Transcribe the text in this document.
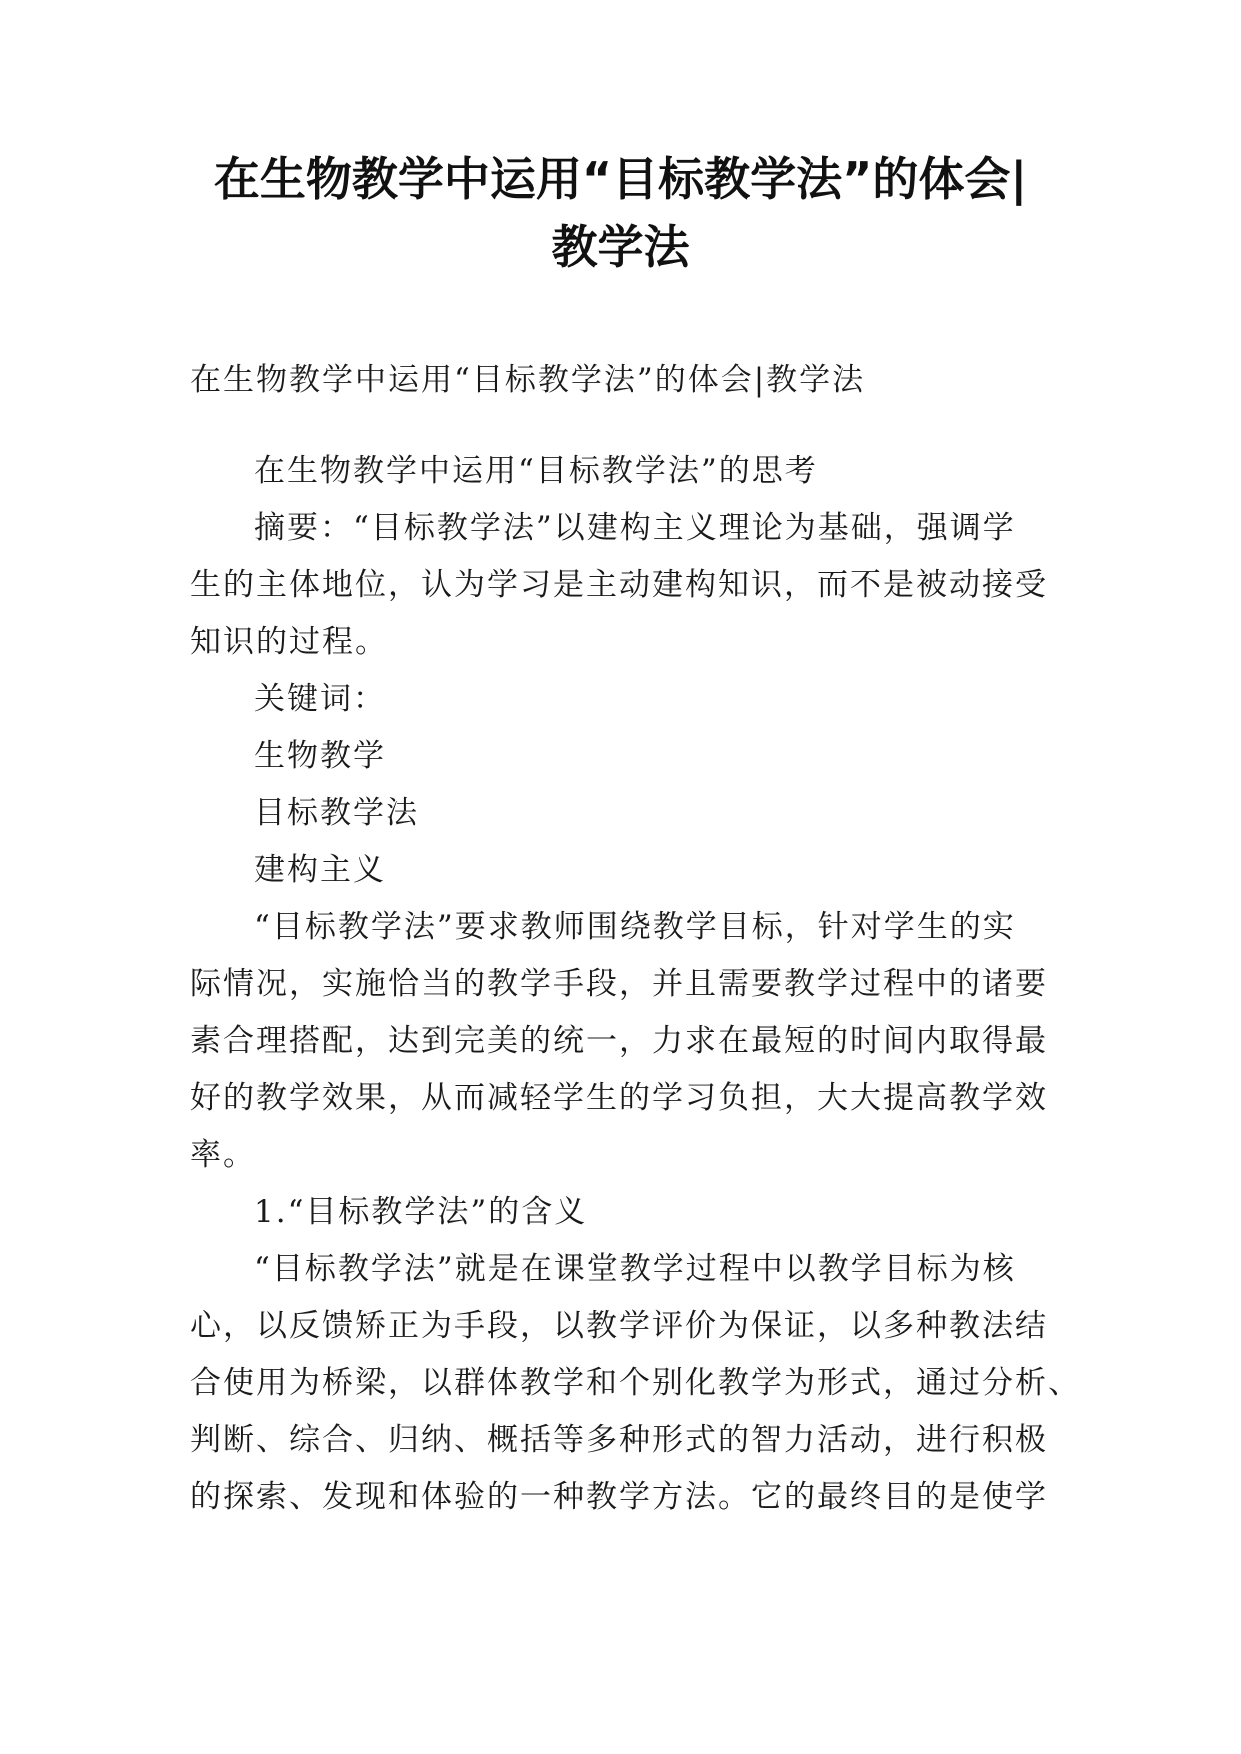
在生物教学中运用“目标教学法”的体会|
教学法
在生物教学中运用“目标教学法”的体会|教学法
在生物教学中运用“目标教学法”的思考
摘要：“目标教学法”以建构主义理论为基础，强调学
生的主体地位，认为学习是主动建构知识，而不是被动接受
知识的过程。
关键词：
生物教学
目标教学法
建构主义
“目标教学法”要求教师围绕教学目标，针对学生的实
际情况，实施恰当的教学手段，并且需要教学过程中的诸要
素合理搭配，达到完美的统一，力求在最短的时间内取得最
好的教学效果，从而减轻学生的学习负担，大大提高教学效
率。
1.“目标教学法”的含义
“目标教学法”就是在课堂教学过程中以教学目标为核
心，以反馈矫正为手段，以教学评价为保证，以多种教法结
合使用为桥梁，以群体教学和个别化教学为形式，通过分析、
判断、综合、归纳、概括等多种形式的智力活动，进行积极
的探索、发现和体验的一种教学方法。它的最终目的是使学
